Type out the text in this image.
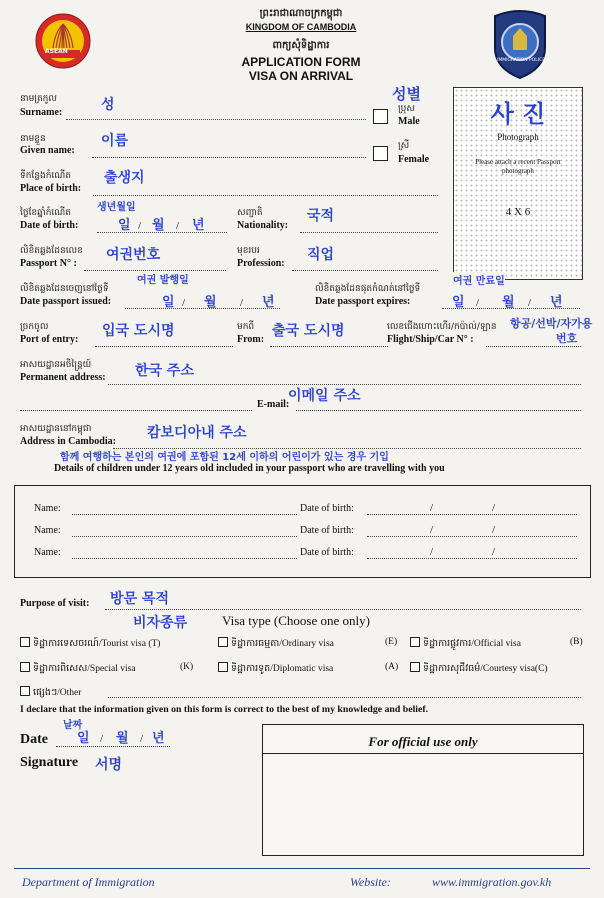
ASEAN
IMMIGRATION POLICE
ព្រះរាជាណាចក្រកម្ពុជា
KINGDOM OF CAMBODIA
ពាក្យសុំទិដ្ឋាការ
APPLICATION FORM
VISA ON ARRIVAL
사 진
Photograph
Please attach a recent Passport photograph
4 X 6
នាមត្រកូល
Surname:	성
성별
ប្រុស
Male
ស្រី
Female
នាមខ្លួន
Given name:
이름
ទីកន្លែងកំណើត
Place of birth:
출생지
ថ្ងៃខែឆ្នាំកំណើត
Date of birth:
생년월일
일 / 월 / 년
សញ្ជាតិ
Nationality:
국적
លិខិតឆ្លងដែនលេខ
Passport N° :
여권번호	មុខរបរ
Profession:
직업
여권 발행일
លិខិតឆ្លងដែនចេញនៅថ្ងៃទី
Date passport issued:	일 / 월 / 년
여권 만료일
លិខិតឆ្លងដែនផុតកំណត់នៅថ្ងៃទី
Date passport expires:	일 / 월 / 년
ច្រកចូល
Port of entry:
입국 도시명	មកពី
From:
출국 도시명	លេខជើងហោះហើរ/កប៉ាល់/ឡាន
Flight/Ship/Car N° :
항공/선박/자가용
번호
អាសយដ្ឋានអចិន្ត្រៃយ៍
Permanent address: 한국 주소
E-mail:
이메일 주소
អាសយដ្ឋាននៅកម្ពុជា
Address in Cambodia:
캄보디아내 주소
함께 여행하는 본인의 여권에 포함된 12세 이하의 어린이가 있는 경우 기입
Details of children under 12 years old included in your passport who are travelling with you
Name:	Date of birth:	/	/
Name:	Date of birth:	/	/
Name:	Date of birth:	/	/
Purpose of visit: 방문 목적
비자종류	Visa type (Choose one only)
ទិដ្ឋាការទេសចរណ៍/Tourist visa (T)	ទិដ្ឋាការធម្មតា/Ordinary visa	(E)	ទិដ្ឋាការផ្លូវការ/Official visa	(B)
ទិដ្ឋាការពិសេស/Special visa	(K)	ទិដ្ឋាការទូត/Diplomatic visa	(A)	ទិដ្ឋាការសុជីវធម៌/Courtesy visa(C)
ផ្សេងៗ/Other
I declare that the information given on this form is correct to the best of my knowledge and belief.
날짜
Date 일 / 월 / 년
Signature 서명
For official use only
Department of Immigration	Website:	www.immigration.gov.kh
